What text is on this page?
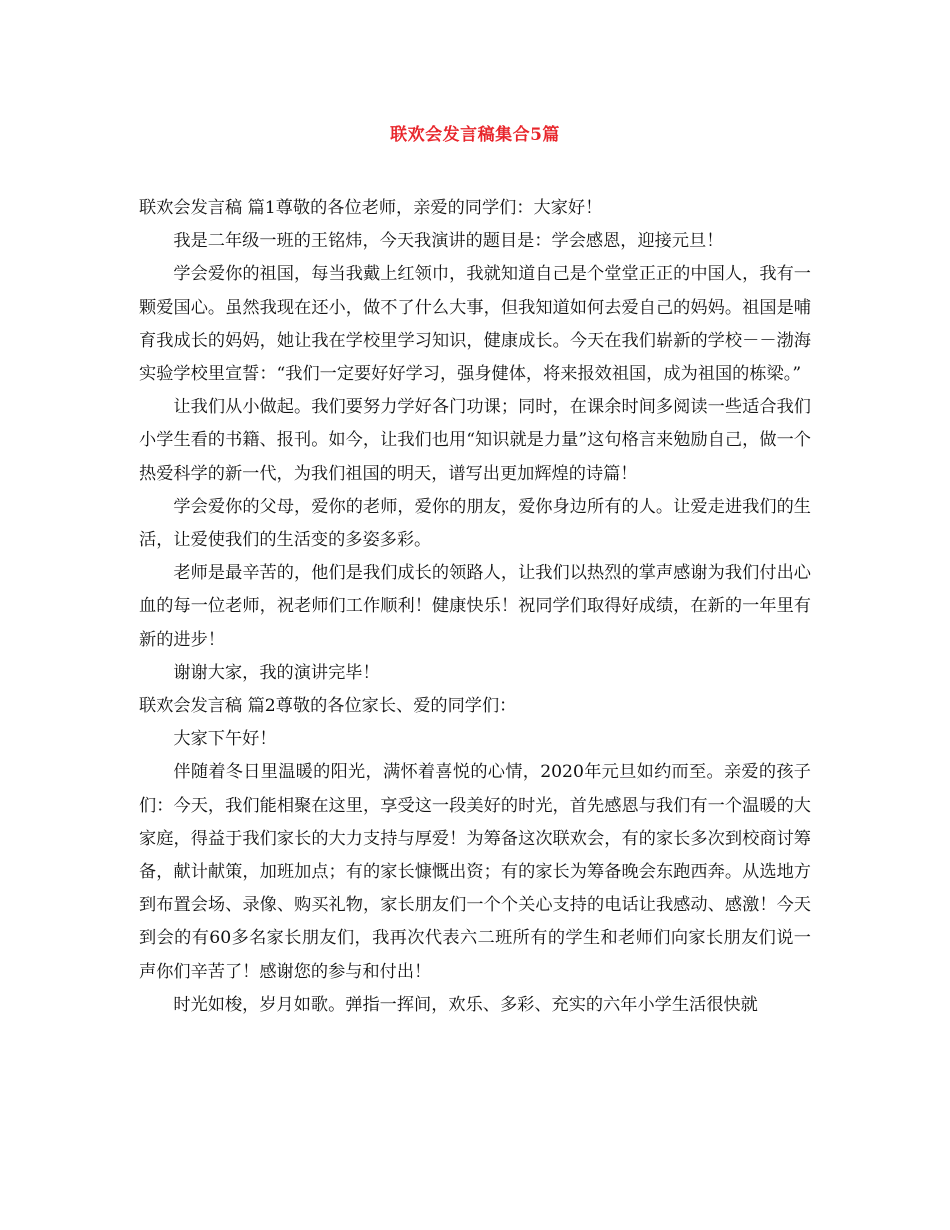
联欢会发言稿集合5篇

联欢会发言稿 篇1尊敬的各位老师，亲爱的同学们：大家好！

我是二年级一班的王铭炜，今天我演讲的题目是：学会感恩，迎接元旦！

学会爱你的祖国，每当我戴上红领巾，我就知道自己是个堂堂正正的中国人，我有一颗爱国心。虽然我现在还小，做不了什么大事，但我知道如何去爱自己的妈妈。祖国是哺育我成长的妈妈，她让我在学校里学习知识，健康成长。今天在我们崭新的学校－－渤海实验学校里宣誓：“我们一定要好好学习，强身健体，将来报效祖国，成为祖国的栋梁。”

让我们从小做起。我们要努力学好各门功课；同时，在课余时间多阅读一些适合我们小学生看的书籍、报刊。如今，让我们也用“知识就是力量”这句格言来勉励自己，做一个热爱科学的新一代，为我们祖国的明天，谱写出更加辉煌的诗篇！

学会爱你的父母，爱你的老师，爱你的朋友，爱你身边所有的人。让爱走进我们的生活，让爱使我们的生活变的多姿多彩。

老师是最辛苦的，他们是我们成长的领路人，让我们以热烈的掌声感谢为我们付出心血的每一位老师，祝老师们工作顺利！健康快乐！祝同学们取得好成绩，在新的一年里有新的进步！

谢谢大家，我的演讲完毕！

联欢会发言稿 篇2尊敬的各位家长、爱的同学们：

大家下午好！

伴随着冬日里温暖的阳光，满怀着喜悦的心情，2020年元旦如约而至。亲爱的孩子们：今天，我们能相聚在这里，享受这一段美好的时光，首先感恩与我们有一个温暖的大家庭，得益于我们家长的大力支持与厚爱！为筹备这次联欢会，有的家长多次到校商讨筹备，献计献策，加班加点；有的家长慷慨出资；有的家长为筹备晚会东跑西奔。从选地方到布置会场、录像、购买礼物，家长朋友们一个个关心支持的电话让我感动、感激！今天到会的有60多名家长朋友们，我再次代表六二班所有的学生和老师们向家长朋友们说一声你们辛苦了！感谢您的参与和付出！

时光如梭，岁月如歌。弹指一挥间，欢乐、多彩、充实的六年小学生活很快就
